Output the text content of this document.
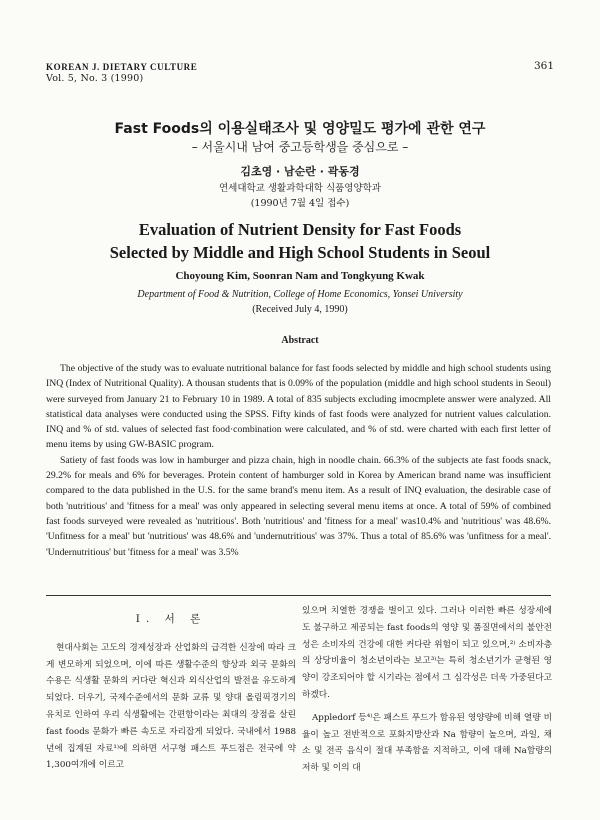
KOREAN J. DIETARY CULTURE
Vol. 5, No. 3 (1990)
361
Fast Foods의 이용실태조사 및 영양밀도 평가에 관한 연구
– 서울시내 남여 중고등학생을 중심으로 –
김초영 · 남순란 · 곽동경
연세대학교 생활과학대학 식품영양학과
(1990년 7월 4일 접수)
Evaluation of Nutrient Density for Fast Foods
Selected by Middle and High School Students in Seoul
Choyoung Kim, Soonran Nam and Tongkyung Kwak
Department of Food & Nutrition, College of Home Economics, Yonsei University
(Received July 4, 1990)
Abstract

The objective of the study was to evaluate nutritional balance for fast foods selected by middle and high school students using INQ (Index of Nutritional Quality). A thousan students that is 0.09% of the population (middle and high school students in Seoul) were surveyed from January 21 to February 10 in 1989. A total of 835 subjects excluding imocmplete answer were analyzed. All statistical data analyses were conducted using the SPSS. Fifty kinds of fast foods were analyzed for nutrient values calculation. INQ and % of std. values of selected fast food·combination were calculated, and % of std. were charted with each first letter of menu items by using GW-BASIC program.

Satiety of fast foods was low in hamburger and pizza chain, high in noodle chain. 66.3% of the subjects ate fast foods snack, 29.2% for meals and 6% for beverages. Protein content of hamburger sold in Korea by American brand name was insufficient compared to the data published in the U.S. for the same brand's menu item. As a result of INQ evaluation, the desirable case of both 'nutritious' and 'fitness for a meal' was only appeared in selecting several menu items at once. A total of 59% of combined fast foods surveyed were revealed as 'nutritious'. Both 'nutritious' and 'fitness for a meal' was10.4% and 'nutritious' was 48.6%. 'Unfitness for a meal' but 'nutritious' was 48.6% and 'undernutritious' was 37%. Thus a total of 85.6% was 'unfitness for a meal'. 'Undernutritious' but 'fitness for a meal' was 3.5%

I. 서 론

현대사회는 고도의 경제성장과 산업화의 급격한 신장에 따라 크게 변모하게 되었으며, 이에 따른 생활수준의 향상과 외국 문화의 수용은 식생활 문화의 커다란 혁신과 외식산업의 발전을 유도하게 되었다. 더우기, 국제수준에서의 문화 교류 및 양대 올림픽경기의 유치로 인하여 우리 식생활에는 간편함이라는 최대의 장점을 살린 fast foods 문화가 빠른 속도로 자리잡게 되었다. 국내에서 1988년에 집계된 자료¹⁾에 의하면 서구형 패스트 푸드점은 전국에 약 1,300여개에 이르고

있으며 치열한 경쟁을 벌이고 있다. 그러나 이러한 빠른 성장세에도 불구하고 제공되는 fast foods의 영양 및 품질면에서의 불안전성은 소비자의 건강에 대한 커다란 위험이 되고 있으며,²⁾ 소비자층의 상당비율이 청소년이라는 보고³⁾는 특히 청소년기가 균형된 영양이 강조되어야 할 시기라는 점에서 그 심각성은 더욱 가중된다고 하겠다.

Appledorf 등⁴⁾은 패스트 푸드가 함유된 영양량에 비해 열량 비율이 높고 전반적으로 포화지방산과 Na 함량이 높으며, 과일, 채소 및 전곡 음식이 절대 부족함을 지적하고, 이에 대해 Na함량의 저하 및 이의 대
